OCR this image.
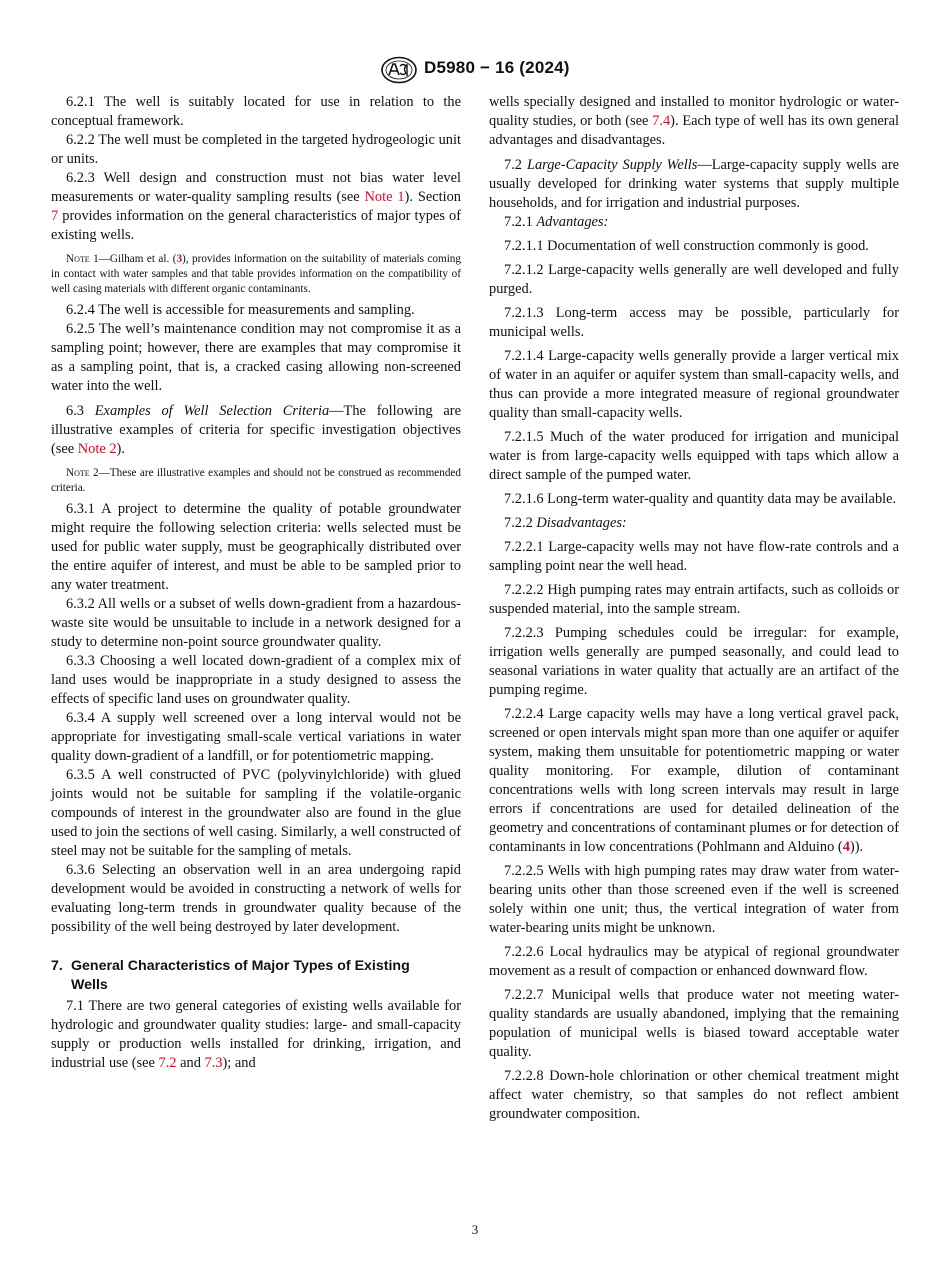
D5980 − 16 (2024)

6.2.1 The well is suitably located for use in relation to the conceptual framework.

6.2.2 The well must be completed in the targeted hydrogeologic unit or units.

6.2.3 Well design and construction must not bias water level measurements or water-quality sampling results (see Note 1). Section 7 provides information on the general characteristics of major types of existing wells.

Note 1—Gilham et al. (3), provides information on the suitability of materials coming in contact with water samples and that table provides information on the compatibility of well casing materials with different organic contaminants.

6.2.4 The well is accessible for measurements and sampling.

6.2.5 The well’s maintenance condition may not compromise it as a sampling point; however, there are examples that may compromise it as a sampling point, that is, a cracked casing allowing non-screened water into the well.

6.3 Examples of Well Selection Criteria—The following are illustrative examples of criteria for specific investigation objectives (see Note 2).

Note 2—These are illustrative examples and should not be construed as recommended criteria.

6.3.1 A project to determine the quality of potable groundwater might require the following selection criteria: wells selected must be used for public water supply, must be geographically distributed over the entire aquifer of interest, and must be able to be sampled prior to any water treatment.

6.3.2 All wells or a subset of wells down-gradient from a hazardous-waste site would be unsuitable to include in a network designed for a study to determine non-point source groundwater quality.

6.3.3 Choosing a well located down-gradient of a complex mix of land uses would be inappropriate in a study designed to assess the effects of specific land uses on groundwater quality.

6.3.4 A supply well screened over a long interval would not be appropriate for investigating small-scale vertical variations in water quality down-gradient of a landfill, or for potentiometric mapping.

6.3.5 A well constructed of PVC (polyvinylchloride) with glued joints would not be suitable for sampling if the volatile-organic compounds of interest in the groundwater also are found in the glue used to join the sections of well casing. Similarly, a well constructed of steel may not be suitable for the sampling of metals.

6.3.6 Selecting an observation well in an area undergoing rapid development would be avoided in constructing a network of wells for evaluating long-term trends in groundwater quality because of the possibility of the well being destroyed by later development.

7. General Characteristics of Major Types of Existing
Wells

7.1 There are two general categories of existing wells available for hydrologic and groundwater quality studies: large- and small-capacity supply or production wells installed for drinking, irrigation, and industrial use (see 7.2 and 7.3); and

wells specially designed and installed to monitor hydrologic or water-quality studies, or both (see 7.4). Each type of well has its own general advantages and disadvantages.

7.2 Large-Capacity Supply Wells—Large-capacity supply wells are usually developed for drinking water systems that supply multiple households, and for irrigation and industrial purposes.

7.2.1 Advantages:

7.2.1.1 Documentation of well construction commonly is good.

7.2.1.2 Large-capacity wells generally are well developed and fully purged.

7.2.1.3 Long-term access may be possible, particularly for municipal wells.

7.2.1.4 Large-capacity wells generally provide a larger vertical mix of water in an aquifer or aquifer system than small-capacity wells, and thus can provide a more integrated measure of regional groundwater quality than small-capacity wells.

7.2.1.5 Much of the water produced for irrigation and municipal water is from large-capacity wells equipped with taps which allow a direct sample of the pumped water.

7.2.1.6 Long-term water-quality and quantity data may be available.

7.2.2 Disadvantages:

7.2.2.1 Large-capacity wells may not have flow-rate controls and a sampling point near the well head.

7.2.2.2 High pumping rates may entrain artifacts, such as colloids or suspended material, into the sample stream.

7.2.2.3 Pumping schedules could be irregular: for example, irrigation wells generally are pumped seasonally, and could lead to seasonal variations in water quality that actually are an artifact of the pumping regime.

7.2.2.4 Large capacity wells may have a long vertical gravel pack, screened or open intervals might span more than one aquifer or aquifer system, making them unsuitable for potentiometric mapping or water quality monitoring. For example, dilution of contaminant concentrations wells with long screen intervals may result in large errors if concentrations are used for detailed delineation of the geometry and concentrations of contaminant plumes or for detection of contaminants in low concentrations (Pohlmann and Alduino (4)).

7.2.2.5 Wells with high pumping rates may draw water from water-bearing units other than those screened even if the well is screened solely within one unit; thus, the vertical integration of water from water-bearing units might be unknown.

7.2.2.6 Local hydraulics may be atypical of regional groundwater movement as a result of compaction or enhanced downward flow.

7.2.2.7 Municipal wells that produce water not meeting water-quality standards are usually abandoned, implying that the remaining population of municipal wells is biased toward acceptable water quality.

7.2.2.8 Down-hole chlorination or other chemical treatment might affect water chemistry, so that samples do not reflect ambient groundwater composition.

3
